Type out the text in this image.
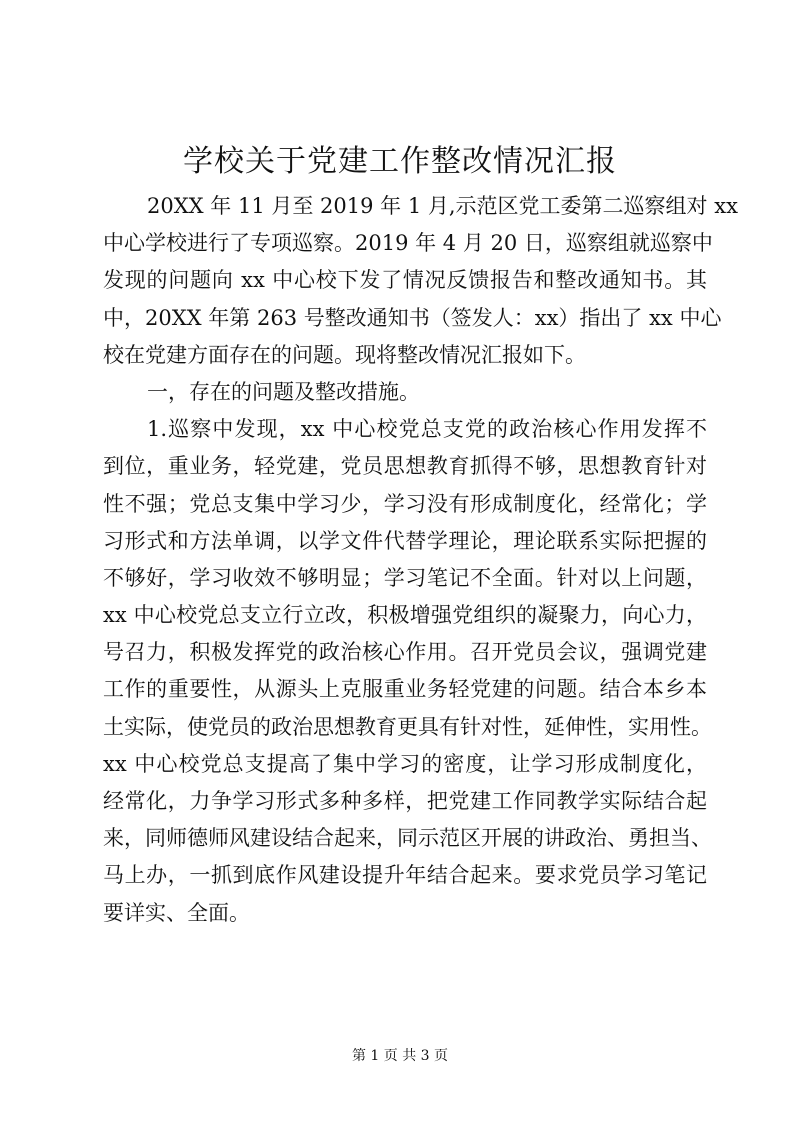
学校关于党建工作整改情况汇报
20XX 年 11 月至 2019 年 1 月,示范区党工委第二巡察组对 xx
中心学校进行了专项巡察。2019 年 4 月 20 日，巡察组就巡察中
发现的问题向 xx 中心校下发了情况反馈报告和整改通知书。其
中，20XX 年第 263 号整改通知书（签发人：xx）指出了 xx 中心
校在党建方面存在的问题。现将整改情况汇报如下。
一，存在的问题及整改措施。
1.巡察中发现，xx 中心校党总支党的政治核心作用发挥不
到位，重业务，轻党建，党员思想教育抓得不够，思想教育针对
性不强；党总支集中学习少，学习没有形成制度化，经常化；学
习形式和方法单调，以学文件代替学理论，理论联系实际把握的
不够好，学习收效不够明显；学习笔记不全面。针对以上问题，
xx 中心校党总支立行立改，积极增强党组织的凝聚力，向心力，
号召力，积极发挥党的政治核心作用。召开党员会议，强调党建
工作的重要性，从源头上克服重业务轻党建的问题。结合本乡本
土实际，使党员的政治思想教育更具有针对性，延伸性，实用性。
xx 中心校党总支提高了集中学习的密度，让学习形成制度化，
经常化，力争学习形式多种多样，把党建工作同教学实际结合起
来，同师德师风建设结合起来，同示范区开展的讲政治、勇担当、
马上办，一抓到底作风建设提升年结合起来。要求党员学习笔记
要详实、全面。
第 1 页 共 3 页
